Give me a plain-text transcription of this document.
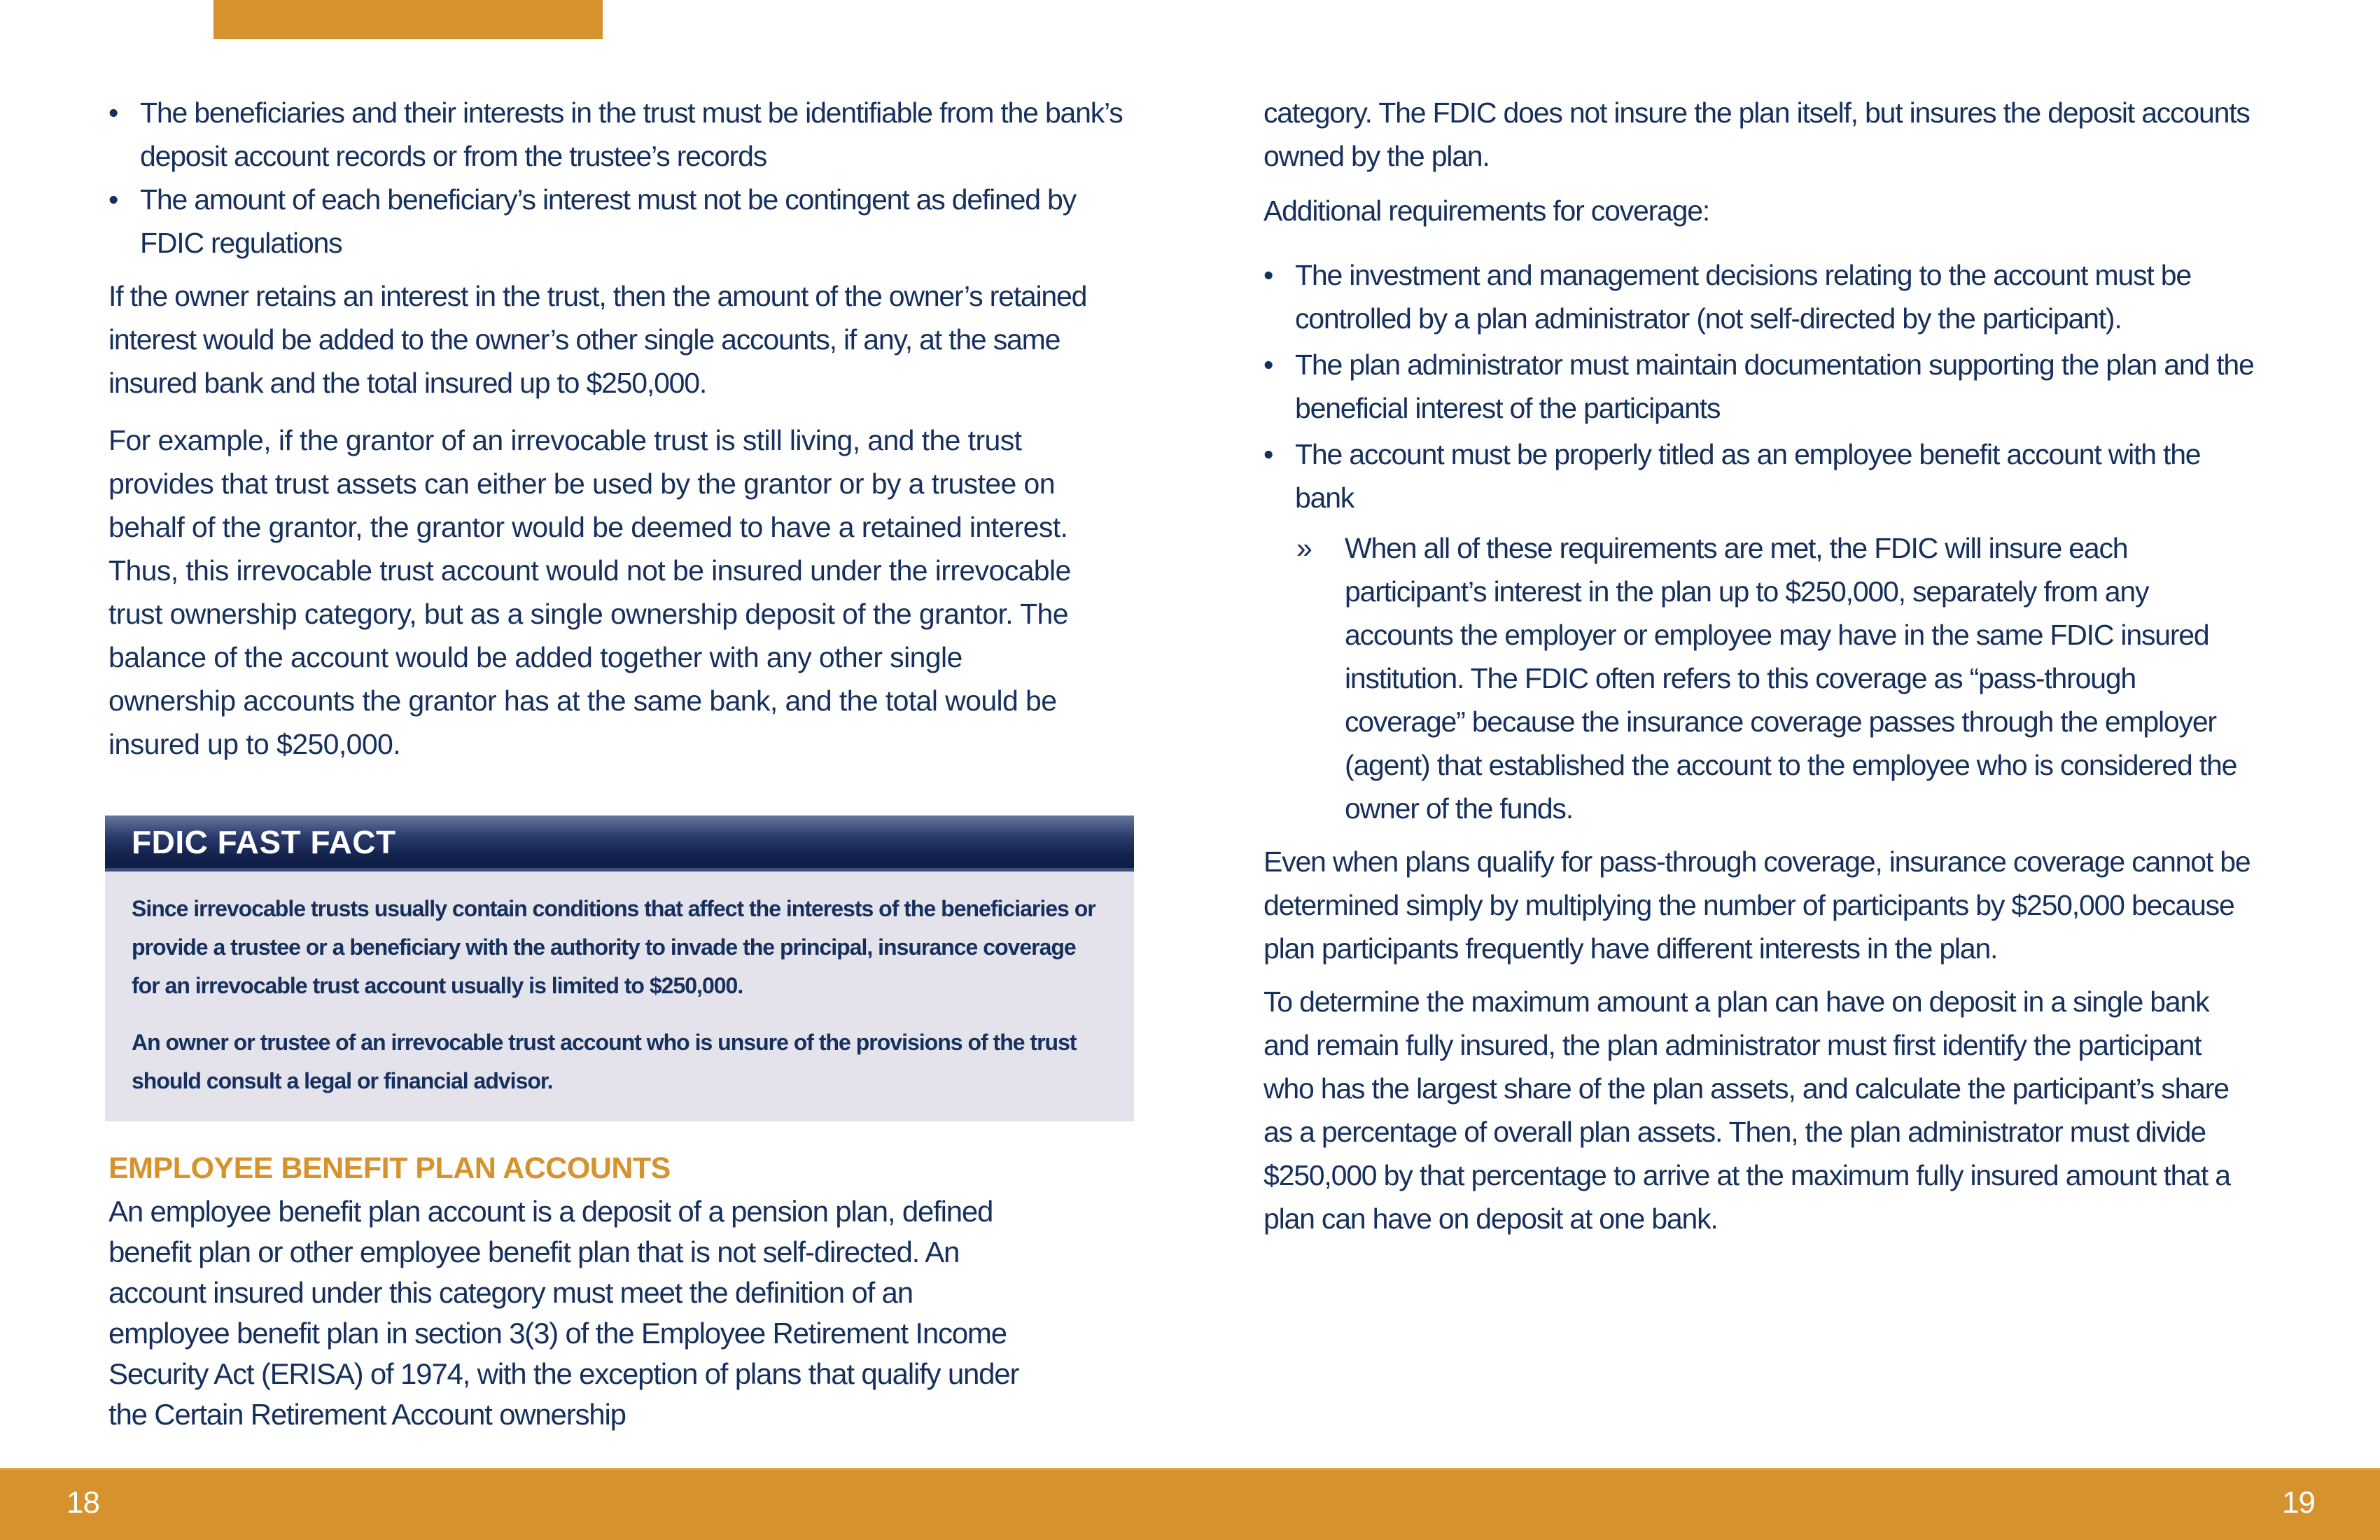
• The beneficiaries and their interests in the trust must be identifiable from the bank’s deposit account records or from the trustee’s records
• The amount of each beneficiary’s interest must not be contingent as defined by FDIC regulations

If the owner retains an interest in the trust, then the amount of the owner’s retained interest would be added to the owner’s other single accounts, if any, at the same insured bank and the total insured up to $250,000.

For example, if the grantor of an irrevocable trust is still living, and the trust provides that trust assets can either be used by the grantor or by a trustee on behalf of the grantor, the grantor would be deemed to have a retained interest. Thus, this irrevocable trust account would not be insured under the irrevocable trust ownership category, but as a single ownership deposit of the grantor. The balance of the account would be added together with any other single ownership accounts the grantor has at the same bank, and the total would be insured up to $250,000.

FDIC FAST FACT

Since irrevocable trusts usually contain conditions that affect the interests of the beneficiaries or provide a trustee or a beneficiary with the authority to invade the principal, insurance coverage for an irrevocable trust account usually is limited to $250,000.

An owner or trustee of an irrevocable trust account who is unsure of the provisions of the trust should consult a legal or financial advisor.

EMPLOYEE BENEFIT PLAN ACCOUNTS

An employee benefit plan account is a deposit of a pension plan, defined benefit plan or other employee benefit plan that is not self-directed. An account insured under this category must meet the definition of an employee benefit plan in section 3(3) of the Employee Retirement Income Security Act (ERISA) of 1974, with the exception of plans that qualify under the Certain Retirement Account ownership

category. The FDIC does not insure the plan itself, but insures the deposit accounts owned by the plan.

Additional requirements for coverage:

• The investment and management decisions relating to the account must be controlled by a plan administrator (not self-directed by the participant).
• The plan administrator must maintain documentation supporting the plan and the beneficial interest of the participants
• The account must be properly titled as an employee benefit account with the bank
»	When all of these requirements are met, the FDIC will insure each participant’s interest in the plan up to $250,000, separately from any accounts the employer or employee may have in the same FDIC insured institution. The FDIC often refers to this coverage as “pass-through coverage” because the insurance coverage passes through the employer (agent) that established the account to the employee who is considered the owner of the funds.

Even when plans qualify for pass-through coverage, insurance coverage cannot be determined simply by multiplying the number of participants by $250,000 because plan participants frequently have different interests in the plan.

To determine the maximum amount a plan can have on deposit in a single bank and remain fully insured, the plan administrator must first identify the participant who has the largest share of the plan assets, and calculate the participant’s share as a percentage of overall plan assets. Then, the plan administrator must divide $250,000 by that percentage to arrive at the maximum fully insured amount that a plan can have on deposit at one bank.

18	19
